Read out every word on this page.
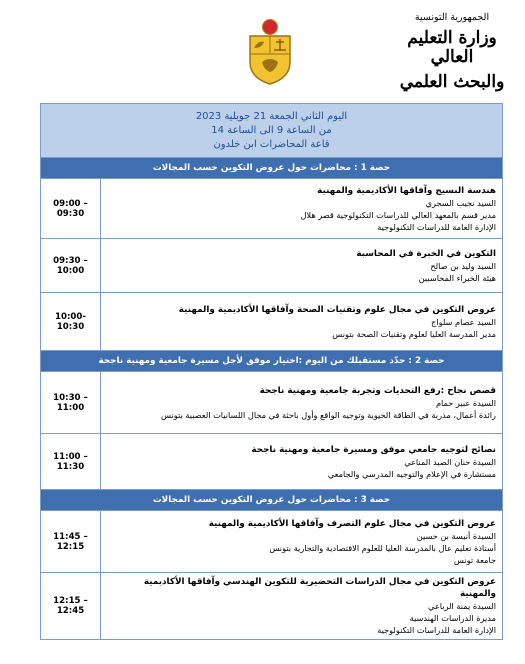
الجمهورية التونسية
وزارة التعليم العالي
والبحث العلمي
اليوم الثاني الجمعة 21 جويلية 2023
من الساعة 9 الى الساعة 14
قاعة المحاضرات ابن خلدون	

حصة 1 : محاضرات حول عروض التكوين حسب المجالات	

هندسة النسيج وآفاقها الأكاديمية والمهنية
السيد نجيب السجري
مدير قسم بالمعهد العالي للدراسات التكنولوجية قصر هلال
الإدارة العامة للدراسات التكنولوجية	09:00 – 09:30

التكوين في الخبرة في المحاسبة
السيد وليد بن صالح
هيئة الخبراء المحاسبين	09:30 – 10:00

عروض التكوين في مجال علوم وتقنيات الصحة وآفاقها الأكاديمية والمهنية
السيد عصام سلواج
مدير المدرسة العليا لعلوم وتقنيات الصحة بتونس	10:00- 10:30
حصة 2 : حدّد مستقبلك من اليوم :اختيار موفق لأجل مسيرة جامعية ومهنية ناجحة	

قصص نجاح :رفع التحديات وتجربة جامعية ومهنية ناجحة
السيدة عبير حمام
رائدة أعمال، مدربة في الطاقة الحيوية وتوجيه الواقع وأول باحثة في مجال اللسانيات العصبية بتونس	10:30 – 11:00

نصائح لتوجيه جامعي موفق ومسيرة جامعية ومهنية ناجحة
السيدة حنان الصيد المناعي
مستشارة في الإعلام والتوجيه المدرسي والجامعي	11:00 – 11:30
حصة 3 : محاضرات حول عروض التكوين حسب المجالات	

عروض التكوين في مجال علوم التصرف وآفاقها الأكاديمية والمهنية
السيدة أنيسة بن حسين
أستاذة تعليم عال بالمدرسة العليا للعلوم الاقتصادية والتجارية بتونس
جامعة تونس	11:45 – 12:15

عروض التكوين في مجال الدراسات التحضيرية للتكوين الهندسي وآفاقها الأكاديمية والمهنية
السيدة يمنة الرباعي
مديرة الدراسات الهندسية
الإدارة العامة للدراسات التكنولوجية	12:15 – 12:45
